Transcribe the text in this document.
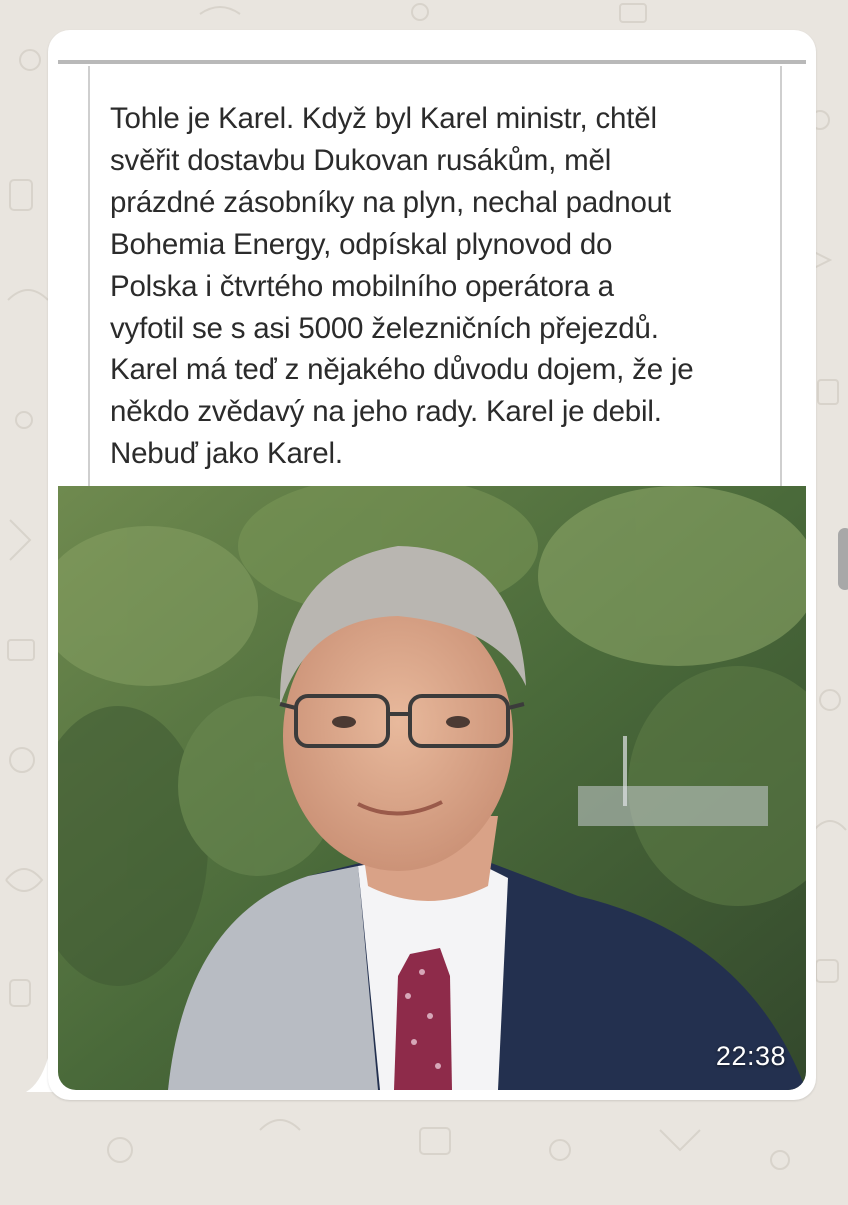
Tohle je Karel. Když byl Karel ministr, chtěl
svěřit dostavbu Dukovan rusákům, měl
prázdné zásobníky na plyn, nechal padnout
Bohemia Energy, odpískal plynovod do
Polska i čtvrtého mobilního operátora a
vyfotil se s asi 5000 železničních přejezdů.
Karel má teď z nějakého důvodu dojem, že je
někdo zvědavý na jeho rady. Karel je debil.
Nebuď jako Karel.
22:38
